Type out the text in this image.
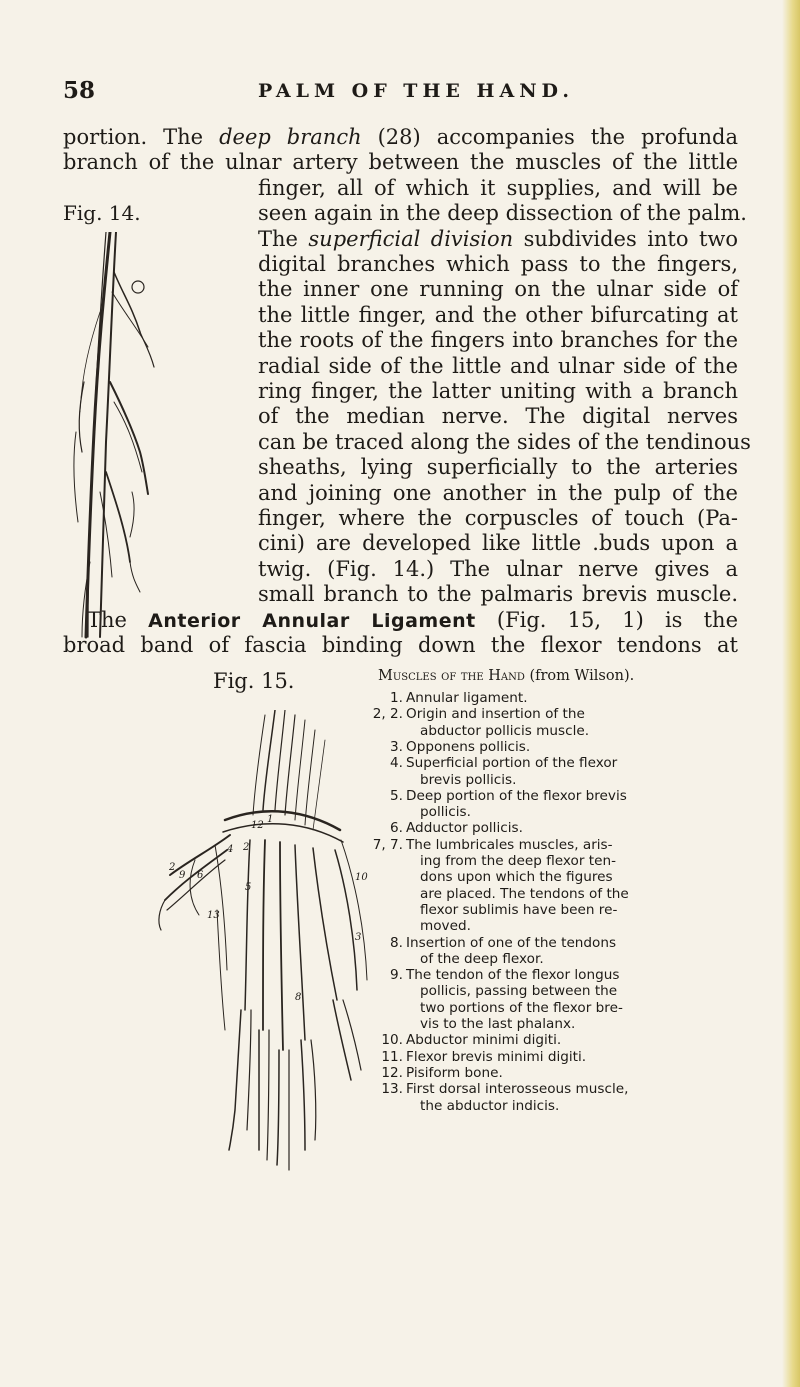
58	PALM OF THE HAND.
portion. The deep branch (28) accompanies the profunda
branch of the ulnar artery between the muscles of the little
finger, all of which it supplies, and will be
seen again in the deep dissection of the palm.
The superficial division subdivides into two
digital branches which pass to the fingers,
the inner one running on the ulnar side of
the little finger, and the other bifurcating at
the roots of the fingers into branches for the
radial side of the little and ulnar side of the
ring finger, the latter uniting with a branch
of the median nerve. The digital nerves
can be traced along the sides of the tendinous
sheaths, lying superficially to the arteries
and joining one another in the pulp of the
finger, where the corpuscles of touch (Pa-
cini) are developed like little .buds upon a
twig. (Fig. 14.) The ulnar nerve gives a
small branch to the palmaris brevis muscle.
The Anterior Annular Ligament (Fig. 15, 1) is the
broad band of fascia binding down the flexor tendons at
Fig. 14.
Fig. 15.
1
2
2
4
5
6
8
9	10
12
13
3
Muscles of the Hand (from Wilson).
1. Annular ligament.
2, 2. Origin and insertion of the
abductor pollicis muscle.
3. Opponens pollicis.
4. Superficial portion of the flexor
brevis pollicis.
5. Deep portion of the flexor brevis
pollicis.
6. Adductor pollicis.
7, 7. The lumbricales muscles, aris-
ing from the deep flexor ten-
dons upon which the figures
are placed. The tendons of the
flexor sublimis have been re-
moved.
8. Insertion of one of the tendons
of the deep flexor.
9. The tendon of the flexor longus
pollicis, passing between the
two portions of the flexor bre-
vis to the last phalanx.
10. Abductor minimi digiti.
11. Flexor brevis minimi digiti.
12. Pisiform bone.
13. First dorsal interosseous muscle,
the abductor indicis.
